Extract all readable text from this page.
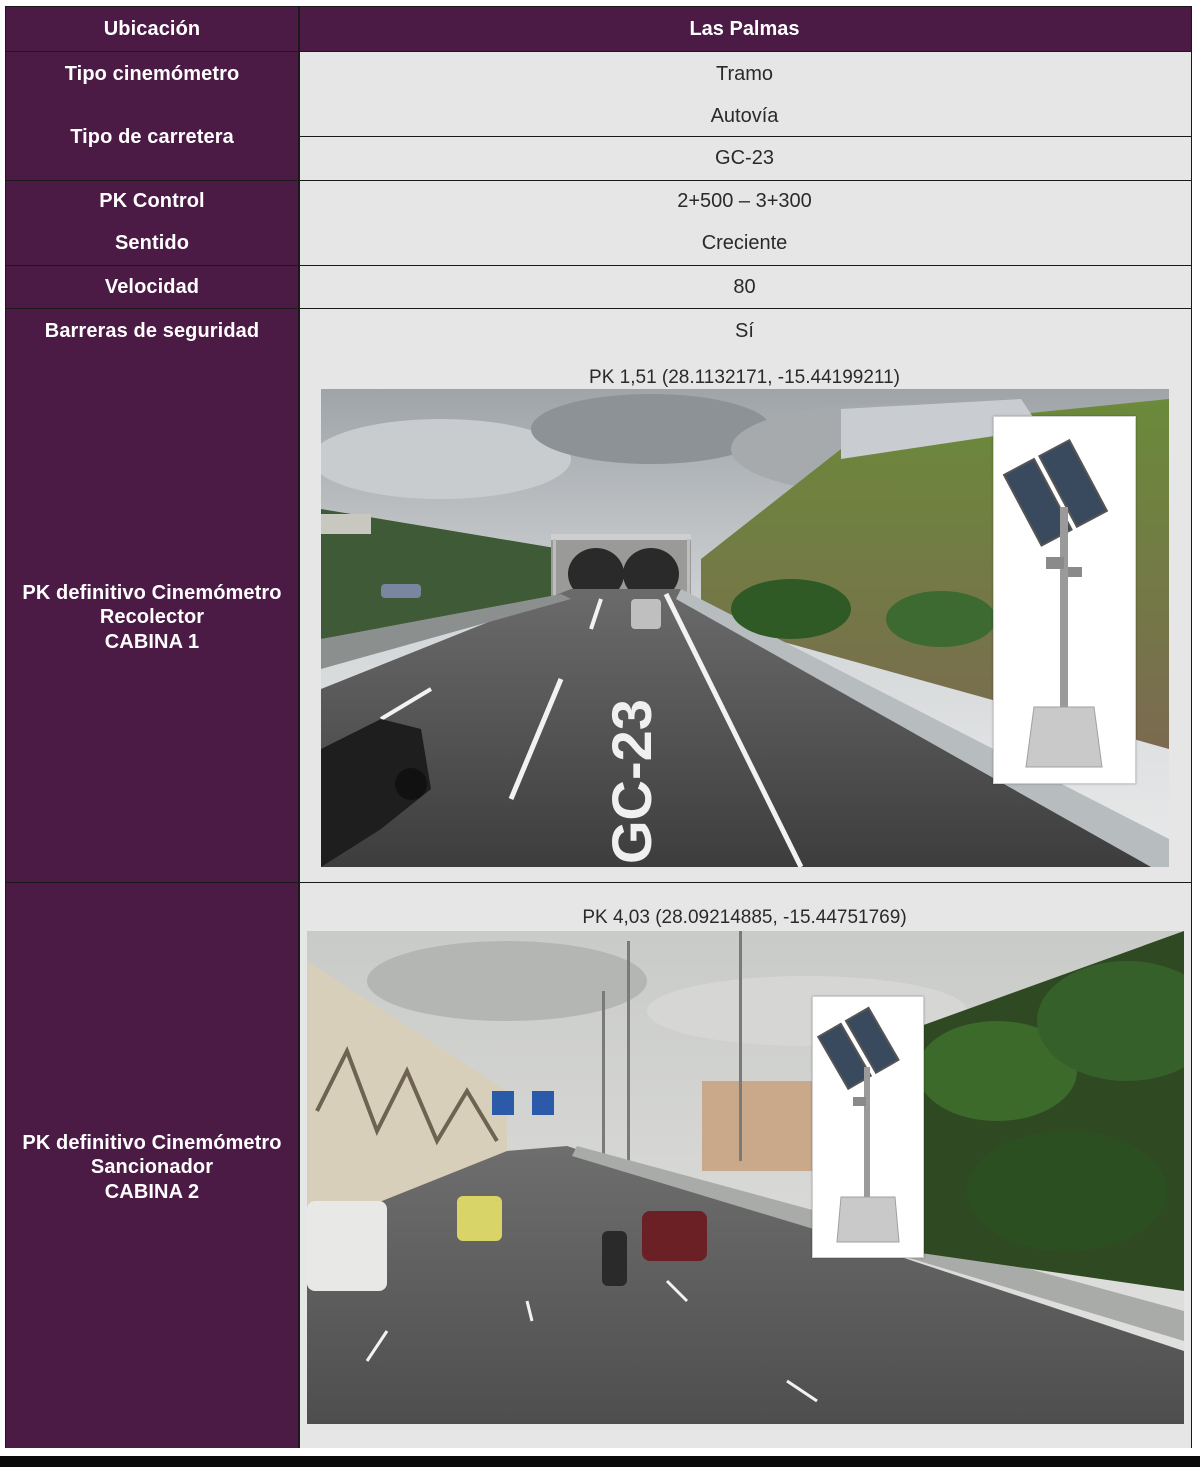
Ubicación	Las Palmas
Tipo cinemómetro
Tipo de carretera
Tramo
Autovía
GC-23
PK Control
Sentido
2+500 – 3+300
Creciente
Velocidad	80
Barreras de seguridad
PK definitivo Cinemómetro
Recolector
CABINA 1
Sí
PK 1,51 (28.1132171, -15.44199211)
GC-23
PK definitivo Cinemómetro
Sancionador
CABINA 2
PK 4,03 (28.09214885, -15.44751769)
